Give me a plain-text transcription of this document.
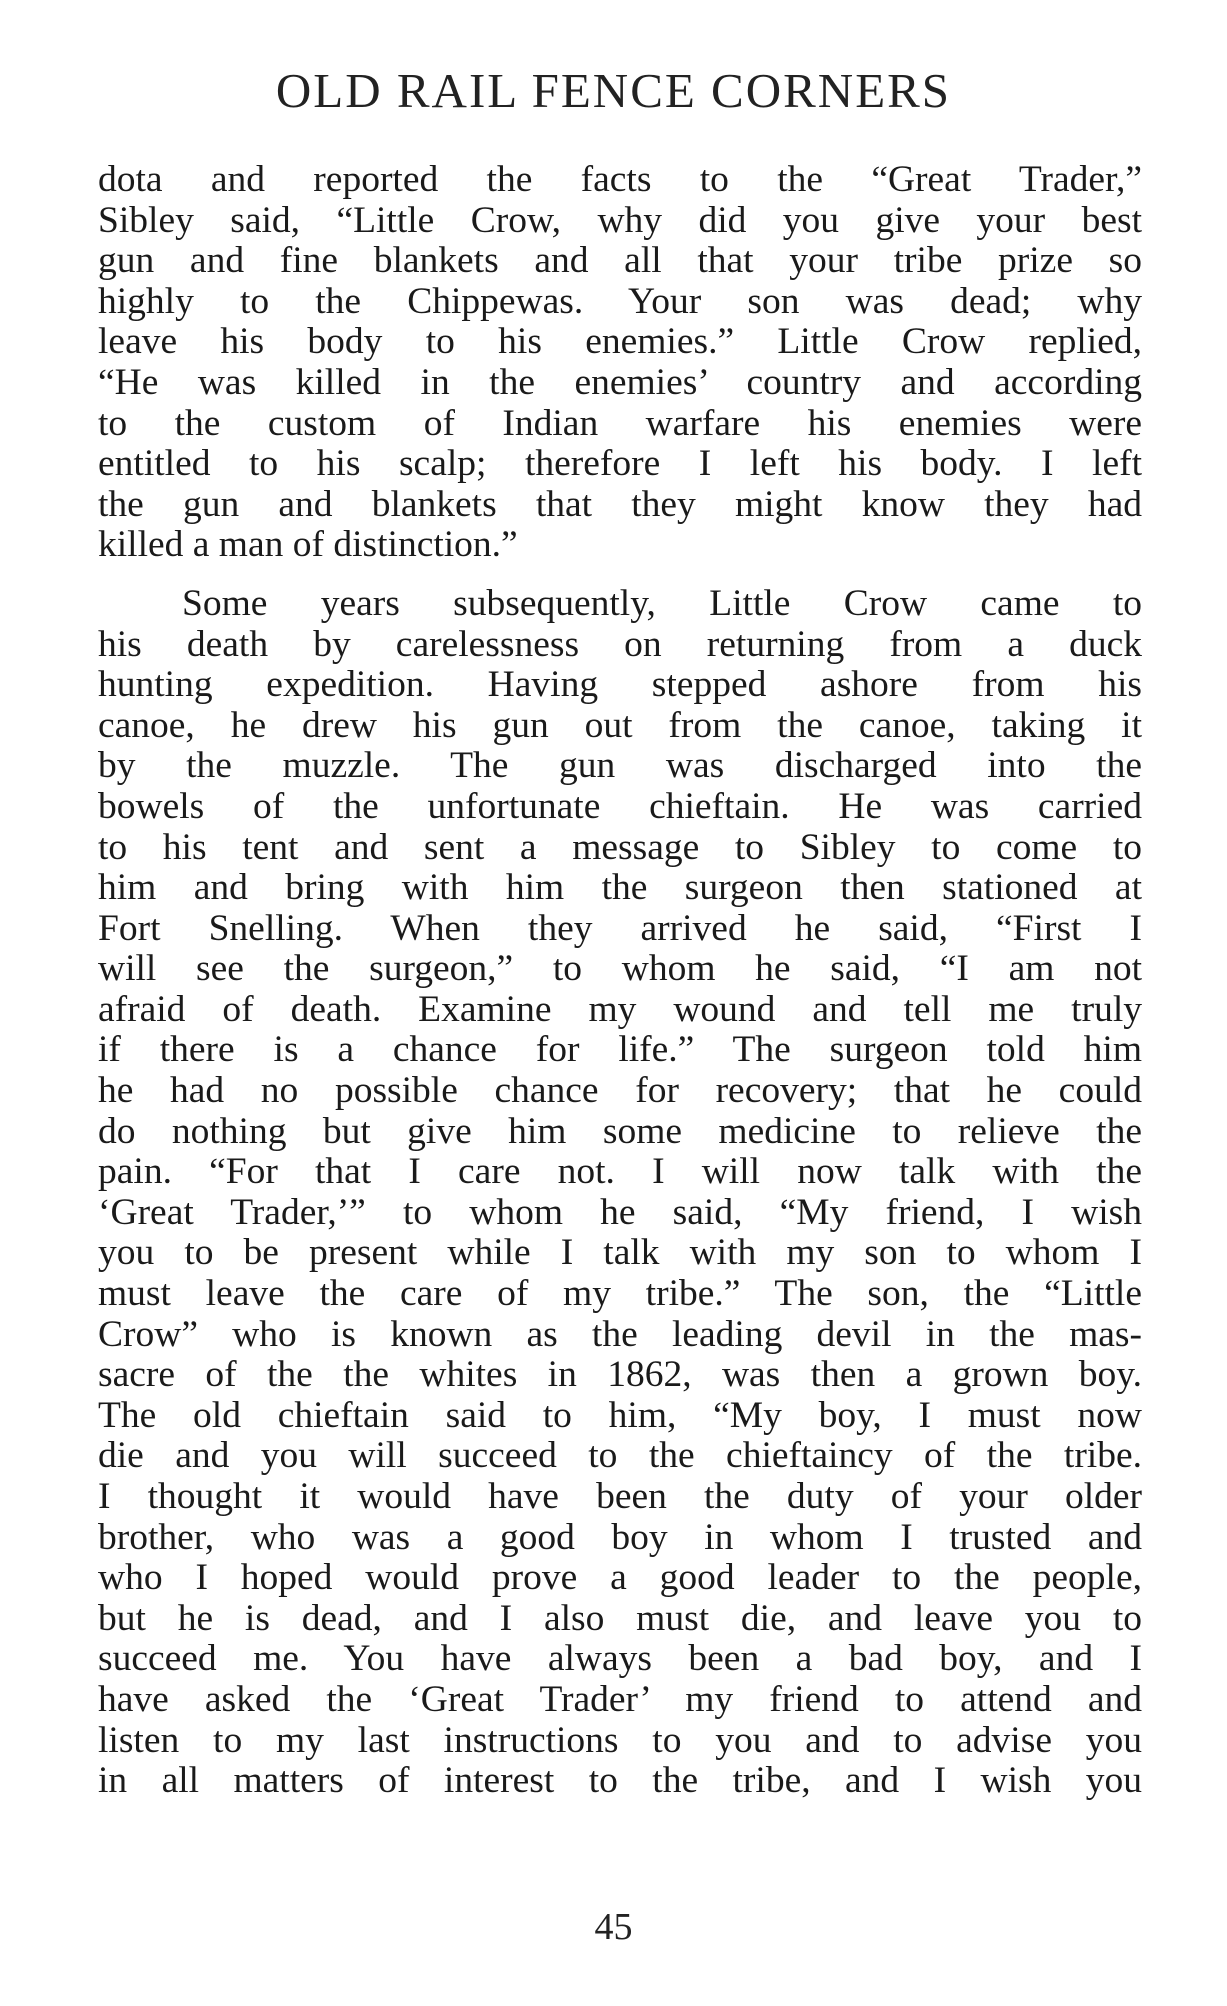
OLD RAIL FENCE CORNERS
dota and reported the facts to the “Great Trader,”
Sibley said, “Little Crow, why did you give your best
gun and fine blankets and all that your tribe prize so
highly to the Chippewas. Your son was dead; why
leave his body to his enemies.” Little Crow replied,
“He was killed in the enemies’ country and according
to the custom of Indian warfare his enemies were
entitled to his scalp; therefore I left his body. I left
the gun and blankets that they might know they had
killed a man of distinction.”
Some years subsequently, Little Crow came to
his death by carelessness on returning from a duck
hunting expedition. Having stepped ashore from his
canoe, he drew his gun out from the canoe, taking it
by the muzzle. The gun was discharged into the
bowels of the unfortunate chieftain. He was carried
to his tent and sent a message to Sibley to come to
him and bring with him the surgeon then stationed at
Fort Snelling. When they arrived he said, “First I
will see the surgeon,” to whom he said, “I am not
afraid of death. Examine my wound and tell me truly
if there is a chance for life.” The surgeon told him
he had no possible chance for recovery; that he could
do nothing but give him some medicine to relieve the
pain. “For that I care not. I will now talk with the
‘Great Trader,’” to whom he said, “My friend, I wish
you to be present while I talk with my son to whom I
must leave the care of my tribe.” The son, the “Little
Crow” who is known as the leading devil in the mas-
sacre of the the whites in 1862, was then a grown boy.
The old chieftain said to him, “My boy, I must now
die and you will succeed to the chieftaincy of the tribe.
I thought it would have been the duty of your older
brother, who was a good boy in whom I trusted and
who I hoped would prove a good leader to the people,
but he is dead, and I also must die, and leave you to
succeed me. You have always been a bad boy, and I
have asked the ‘Great Trader’ my friend to attend and
listen to my last instructions to you and to advise you
in all matters of interest to the tribe, and I wish you
45
